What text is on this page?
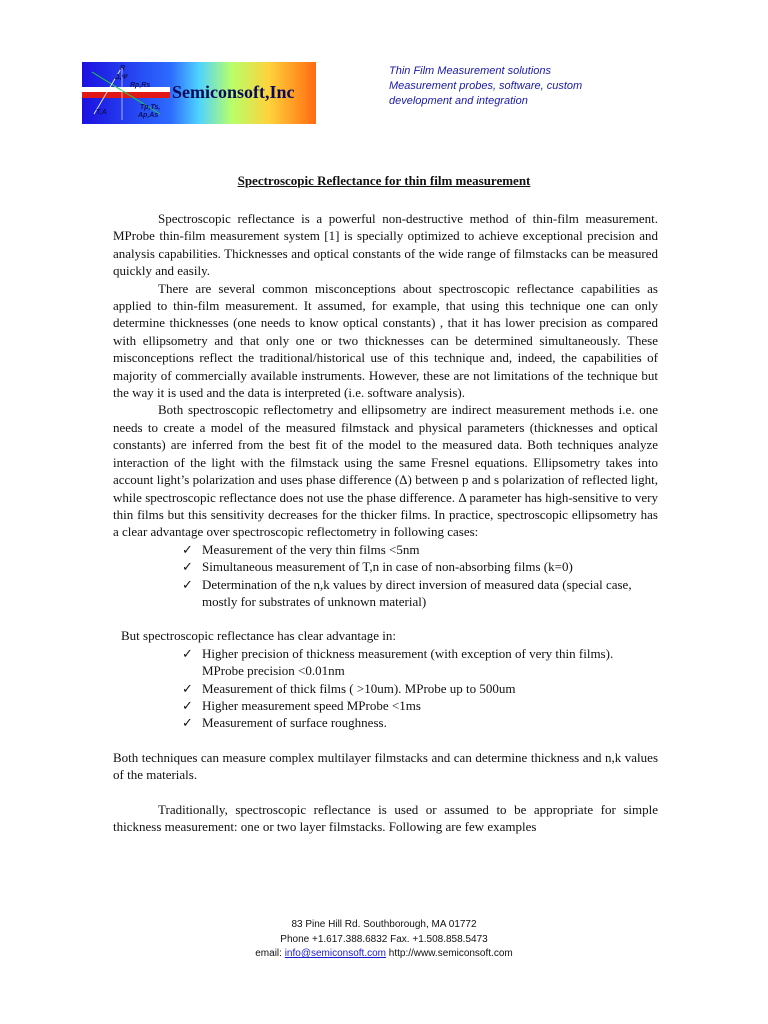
R
Δ,Ψ
Rp,Rs
Tp,Ts,
Ap,As
T,A
Semiconsoft,Inc
Thin Film Measurement solutions
Measurement probes, software, custom
development and integration
Spectroscopic Reflectance for thin film measurement

Spectroscopic reflectance is a powerful non-destructive method of thin-film measurement. MProbe thin-film measurement system [1] is specially optimized to achieve exceptional precision and analysis capabilities. Thicknesses and optical constants of the wide range of filmstacks can be measured quickly and easily.

There are several common misconceptions about spectroscopic reflectance capabilities as applied to thin-film measurement. It assumed, for example, that using this technique one can only determine thicknesses (one needs to know optical constants) , that it has lower precision as compared with ellipsometry and that only one or two thicknesses can be determined simultaneously. These misconceptions reflect the traditional/historical use of this technique and, indeed, the capabilities of majority of commercially available instruments. However, these are not limitations of the technique but the way it is used and the data is interpreted (i.e. software analysis).

Both spectroscopic reflectometry and ellipsometry are indirect measurement methods i.e. one needs to create a model of the measured filmstack and physical parameters (thicknesses and optical constants) are inferred from the best fit of the model to the measured data. Both techniques analyze interaction of the light with the filmstack using the same Fresnel equations. Ellipsometry takes into account light’s polarization and uses phase difference (Δ) between p and s polarization of reflected light, while spectroscopic reflectance does not use the phase difference. Δ parameter has high-sensitive to very thin films but this sensitivity decreases for the thicker films. In practice, spectroscopic ellipsometry has a clear advantage over spectroscopic reflectometry in following cases:

✓ Measurement of the very thin films <5nm
✓ Simultaneous measurement of T,n in case of non-absorbing films (k=0)
✓ Determination of the n,k values by direct inversion of measured data (special case, mostly for substrates of unknown material)

But spectroscopic reflectance has clear advantage in:

✓ Higher precision of thickness measurement (with exception of very thin films). MProbe precision <0.01nm
✓ Measurement of thick films ( >10um). MProbe up to 500um
✓ Higher measurement speed MProbe <1ms
✓ Measurement of surface roughness.

Both techniques can measure complex multilayer filmstacks and can determine thickness and n,k values of the materials.

Traditionally, spectroscopic reflectance is used or assumed to be appropriate for simple thickness measurement: one or two layer filmstacks. Following are few examples

83 Pine Hill Rd. Southborough, MA 01772
Phone +1.617.388.6832 Fax. +1.508.858.5473
email: info@semiconsoft.com http://www.semiconsoft.com
